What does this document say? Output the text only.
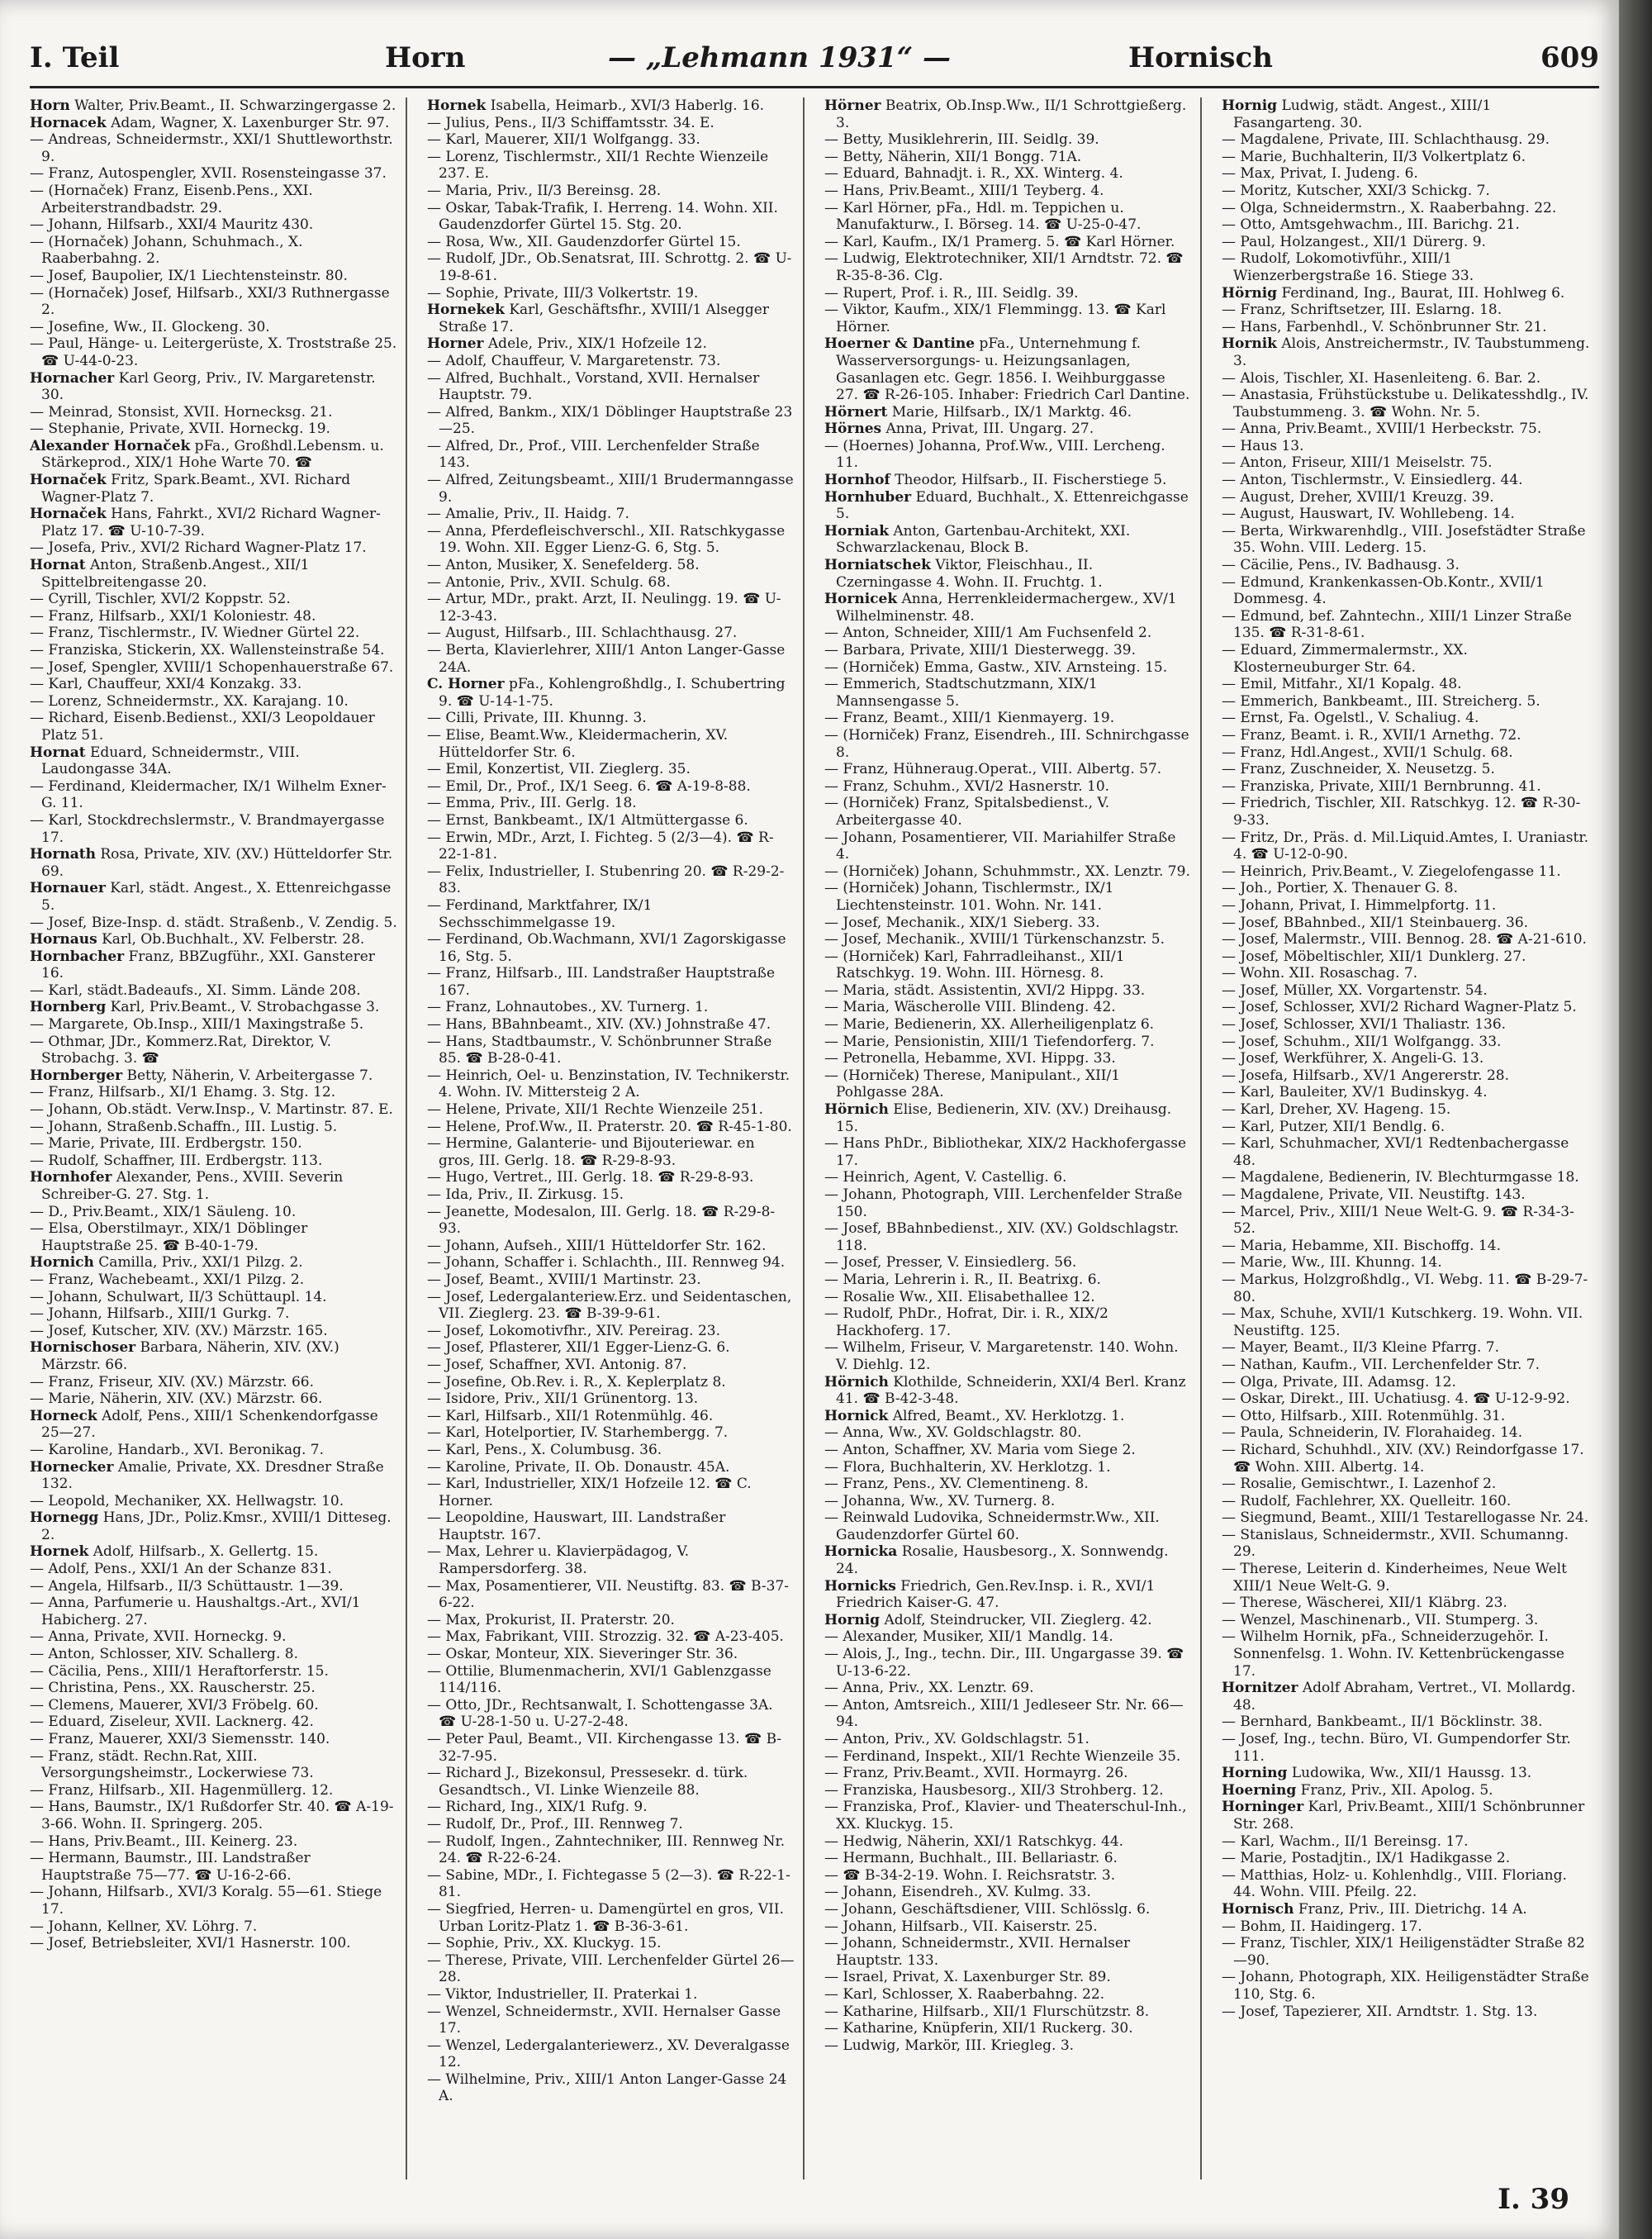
I. Teil	Horn	— „Lehmann 1931“ —	Hornisch	609

Horn Walter, Priv.Beamt., II. Schwarzingergasse 2.

Hornacek Adam, Wagner, X. Laxenburger Str. 97.

— Andreas, Schneidermstr., XXI/1 Shuttleworthstr. 9.

— Franz, Autospengler, XVII. Rosensteingasse 37.

— (Hornaček) Franz, Eisenb.Pens., XXI. Arbeiterstrandbadstr. 29.

— Johann, Hilfsarb., XXI/4 Mauritz 430.

— (Hornaček) Johann, Schuhmach., X. Raaberbahng. 2.

— Josef, Baupolier, IX/1 Liechtensteinstr. 80.

— (Hornaček) Josef, Hilfsarb., XXI/3 Ruthnergasse 2.

— Josefine, Ww., II. Glockeng. 30.

— Paul, Hänge- u. Leitergerüste, X. Troststraße 25. ☎ U-44-0-23.

Hornacher Karl Georg, Priv., IV. Margaretenstr. 30.

— Meinrad, Stonsist, XVII. Hornecksg. 21.

— Stephanie, Private, XVII. Horneckg. 19.

Alexander Hornaček pFa., Großhdl.Lebensm. u. Stärkeprod., XIX/1 Hohe Warte 70. ☎

Hornaček Fritz, Spark.Beamt., XVI. Richard Wagner-Platz 7.

Hornaček Hans, Fahrkt., XVI/2 Richard Wagner-Platz 17. ☎ U-10-7-39.

— Josefa, Priv., XVI/2 Richard Wagner-Platz 17.

Hornat Anton, Straßenb.Angest., XII/1 Spittelbreitengasse 20.

— Cyrill, Tischler, XVI/2 Koppstr. 52.

— Franz, Hilfsarb., XXI/1 Koloniestr. 48.

— Franz, Tischlermstr., IV. Wiedner Gürtel 22.

— Franziska, Stickerin, XX. Wallensteinstraße 54.

— Josef, Spengler, XVIII/1 Schopenhauerstraße 67.

— Karl, Chauffeur, XXI/4 Konzakg. 33.

— Lorenz, Schneidermstr., XX. Karajang. 10.

— Richard, Eisenb.Bedienst., XXI/3 Leopoldauer Platz 51.

Hornat Eduard, Schneidermstr., VIII. Laudongasse 34A.

— Ferdinand, Kleidermacher, IX/1 Wilhelm Exner-G. 11.

— Karl, Stockdrechslermstr., V. Brandmayergasse 17.

Hornath Rosa, Private, XIV. (XV.) Hütteldorfer Str. 69.

Hornauer Karl, städt. Angest., X. Ettenreichgasse 5.

— Josef, Bize-Insp. d. städt. Straßenb., V. Zendig. 5.

Hornaus Karl, Ob.Buchhalt., XV. Felberstr. 28.

Hornbacher Franz, BBZugführ., XXI. Gansterer 16.

— Karl, städt.Badeaufs., XI. Simm. Lände 208.

Hornberg Karl, Priv.Beamt., V. Strobachgasse 3.

— Margarete, Ob.Insp., XIII/1 Maxingstraße 5.

— Othmar, JDr., Kommerz.Rat, Direktor, V. Strobachg. 3. ☎

Hornberger Betty, Näherin, V. Arbeitergasse 7.

— Franz, Hilfsarb., XI/1 Ehamg. 3. Stg. 12.

— Johann, Ob.städt. Verw.Insp., V. Martinstr. 87. E.

— Johann, Straßenb.Schaffn., III. Lustig. 5.

— Marie, Private, III. Erdbergstr. 150.

— Rudolf, Schaffner, III. Erdbergstr. 113.

Hornhofer Alexander, Pens., XVIII. Severin Schreiber-G. 27. Stg. 1.

— D., Priv.Beamt., XIX/1 Säuleng. 10.

— Elsa, Oberstilmayr., XIX/1 Döblinger Hauptstraße 25. ☎ B-40-1-79.

Hornich Camilla, Priv., XXI/1 Pilzg. 2.

— Franz, Wachebeamt., XXI/1 Pilzg. 2.

— Johann, Schulwart, II/3 Schüttaupl. 14.

— Johann, Hilfsarb., XIII/1 Gurkg. 7.

— Josef, Kutscher, XIV. (XV.) Märzstr. 165.

Hornischoser Barbara, Näherin, XIV. (XV.) Märzstr. 66.

— Franz, Friseur, XIV. (XV.) Märzstr. 66.

— Marie, Näherin, XIV. (XV.) Märzstr. 66.

Horneck Adolf, Pens., XIII/1 Schenkendorfgasse 25—27.

— Karoline, Handarb., XVI. Beronikag. 7.

Hornecker Amalie, Private, XX. Dresdner Straße 132.

— Leopold, Mechaniker, XX. Hellwagstr. 10.

Hornegg Hans, JDr., Poliz.Kmsr., XVIII/1 Ditteseg. 2.

Hornek Adolf, Hilfsarb., X. Gellertg. 15.

— Adolf, Pens., XXI/1 An der Schanze 831.

— Angela, Hilfsarb., II/3 Schüttaustr. 1—39.

— Anna, Parfumerie u. Haushaltgs.-Art., XVI/1 Habicherg. 27.

— Anna, Private, XVII. Horneckg. 9.

— Anton, Schlosser, XIV. Schallerg. 8.

— Cäcilia, Pens., XIII/1 Heraftorferstr. 15.

— Christina, Pens., XX. Rauscherstr. 25.

— Clemens, Mauerer, XVI/3 Fröbelg. 60.

— Eduard, Ziseleur, XVII. Lacknerg. 42.

— Franz, Mauerer, XXI/3 Siemensstr. 140.

— Franz, städt. Rechn.Rat, XIII. Versorgungsheimstr., Lockerwiese 73.

— Franz, Hilfsarb., XII. Hagenmüllerg. 12.

— Hans, Baumstr., IX/1 Rußdorfer Str. 40. ☎ A-19-3-66. Wohn. II. Springerg. 205.

— Hans, Priv.Beamt., III. Keinerg. 23.

— Hermann, Baumstr., III. Landstraßer Hauptstraße 75—77. ☎ U-16-2-66.

— Johann, Hilfsarb., XVI/3 Koralg. 55—61. Stiege 17.

— Johann, Kellner, XV. Löhrg. 7.

— Josef, Betriebsleiter, XVI/1 Hasnerstr. 100.

Hornek Isabella, Heimarb., XVI/3 Haberlg. 16.

— Julius, Pens., II/3 Schiffamtsstr. 34. E.

— Karl, Mauerer, XII/1 Wolfgangg. 33.

— Lorenz, Tischlermstr., XII/1 Rechte Wienzeile 237. E.

— Maria, Priv., II/3 Bereinsg. 28.

— Oskar, Tabak-Trafik, I. Herreng. 14. Wohn. XII. Gaudenzdorfer Gürtel 15. Stg. 20.

— Rosa, Ww., XII. Gaudenzdorfer Gürtel 15.

— Rudolf, JDr., Ob.Senatsrat, III. Schrottg. 2. ☎ U-19-8-61.

— Sophie, Private, III/3 Volkertstr. 19.

Hornekek Karl, Geschäftsfhr., XVIII/1 Alsegger Straße 17.

Horner Adele, Priv., XIX/1 Hofzeile 12.

— Adolf, Chauffeur, V. Margaretenstr. 73.

— Alfred, Buchhalt., Vorstand, XVII. Hernalser Hauptstr. 79.

— Alfred, Bankm., XIX/1 Döblinger Hauptstraße 23—25.

— Alfred, Dr., Prof., VIII. Lerchenfelder Straße 143.

— Alfred, Zeitungsbeamt., XIII/1 Brudermanngasse 9.

— Amalie, Priv., II. Haidg. 7.

— Anna, Pferdefleischverschl., XII. Ratschkygasse 19. Wohn. XII. Egger Lienz-G. 6, Stg. 5.

— Anton, Musiker, X. Senefelderg. 58.

— Antonie, Priv., XVII. Schulg. 68.

— Artur, MDr., prakt. Arzt, II. Neulingg. 19. ☎ U-12-3-43.

— August, Hilfsarb., III. Schlachthausg. 27.

— Berta, Klavierlehrer, XIII/1 Anton Langer-Gasse 24A.

C. Horner pFa., Kohlengroßhdlg., I. Schubertring 9. ☎ U-14-1-75.

— Cilli, Private, III. Khunng. 3.

— Elise, Beamt.Ww., Kleidermacherin, XV. Hütteldorfer Str. 6.

— Emil, Konzertist, VII. Zieglerg. 35.

— Emil, Dr., Prof., IX/1 Seeg. 6. ☎ A-19-8-88.

— Emma, Priv., III. Gerlg. 18.

— Ernst, Bankbeamt., IX/1 Altmüttergasse 6.

— Erwin, MDr., Arzt, I. Fichteg. 5 (2/3—4). ☎ R-22-1-81.

— Felix, Industrieller, I. Stubenring 20. ☎ R-29-2-83.

— Ferdinand, Marktfahrer, IX/1 Sechsschimmelgasse 19.

— Ferdinand, Ob.Wachmann, XVI/1 Zagorskigasse 16, Stg. 5.

— Franz, Hilfsarb., III. Landstraßer Hauptstraße 167.

— Franz, Lohnautobes., XV. Turnerg. 1.

— Hans, BBahnbeamt., XIV. (XV.) Johnstraße 47.

— Hans, Stadtbaumstr., V. Schönbrunner Straße 85. ☎ B-28-0-41.

— Heinrich, Oel- u. Benzinstation, IV. Technikerstr. 4. Wohn. IV. Mittersteig 2 A.

— Helene, Private, XII/1 Rechte Wienzeile 251.

— Helene, Prof.Ww., II. Praterstr. 20. ☎ R-45-1-80.

— Hermine, Galanterie- und Bijouteriewar. en gros, III. Gerlg. 18. ☎ R-29-8-93.

— Hugo, Vertret., III. Gerlg. 18. ☎ R-29-8-93.

— Ida, Priv., II. Zirkusg. 15.

— Jeanette, Modesalon, III. Gerlg. 18. ☎ R-29-8-93.

— Johann, Aufseh., XIII/1 Hütteldorfer Str. 162.

— Johann, Schaffer i. Schlachth., III. Rennweg 94.

— Josef, Beamt., XVIII/1 Martinstr. 23.

— Josef, Ledergalanteriew.Erz. und Seidentaschen, VII. Zieglerg. 23. ☎ B-39-9-61.

— Josef, Lokomotivfhr., XIV. Pereirag. 23.

— Josef, Pflasterer, XII/1 Egger-Lienz-G. 6.

— Josef, Schaffner, XVI. Antonig. 87.

— Josefine, Ob.Rev. i. R., X. Keplerplatz 8.

— Isidore, Priv., XII/1 Grünentorg. 13.

— Karl, Hilfsarb., XII/1 Rotenmühlg. 46.

— Karl, Hotelportier, IV. Starhembergg. 7.

— Karl, Pens., X. Columbusg. 36.

— Karoline, Private, II. Ob. Donaustr. 45A.

— Karl, Industrieller, XIX/1 Hofzeile 12. ☎ C. Horner.

— Leopoldine, Hauswart, III. Landstraßer Hauptstr. 167.

— Max, Lehrer u. Klavierpädagog, V. Rampersdorferg. 38.

— Max, Posamentierer, VII. Neustiftg. 83. ☎ B-37-6-22.

— Max, Prokurist, II. Praterstr. 20.

— Max, Fabrikant, VIII. Strozzig. 32. ☎ A-23-405.

— Oskar, Monteur, XIX. Sieveringer Str. 36.

— Ottilie, Blumenmacherin, XVI/1 Gablenzgasse 114/116.

— Otto, JDr., Rechtsanwalt, I. Schottengasse 3A. ☎ U-28-1-50 u. U-27-2-48.

— Peter Paul, Beamt., VII. Kirchengasse 13. ☎ B-32-7-95.

— Richard J., Bizekonsul, Pressesekr. d. türk. Gesandtsch., VI. Linke Wienzeile 88.

— Richard, Ing., XIX/1 Rufg. 9.

— Rudolf, Dr., Prof., III. Rennweg 7.

— Rudolf, Ingen., Zahntechniker, III. Rennweg Nr. 24. ☎ R-22-6-24.

— Sabine, MDr., I. Fichtegasse 5 (2—3). ☎ R-22-1-81.

— Siegfried, Herren- u. Damengürtel en gros, VII. Urban Loritz-Platz 1. ☎ B-36-3-61.

— Sophie, Priv., XX. Kluckyg. 15.

— Therese, Private, VIII. Lerchenfelder Gürtel 26—28.

— Viktor, Industrieller, II. Praterkai 1.

— Wenzel, Schneidermstr., XVII. Hernalser Gasse 17.

— Wenzel, Ledergalanteriewerz., XV. Deveralgasse 12.

— Wilhelmine, Priv., XIII/1 Anton Langer-Gasse 24 A.

Hörner Beatrix, Ob.Insp.Ww., II/1 Schrottgießerg. 3.

— Betty, Musiklehrerin, III. Seidlg. 39.

— Betty, Näherin, XII/1 Bongg. 71A.

— Eduard, Bahnadjt. i. R., XX. Winterg. 4.

— Hans, Priv.Beamt., XIII/1 Teyberg. 4.

— Karl Hörner, pFa., Hdl. m. Teppichen u. Manufakturw., I. Börseg. 14. ☎ U-25-0-47.

— Karl, Kaufm., IX/1 Pramerg. 5. ☎ Karl Hörner.

— Ludwig, Elektrotechniker, XII/1 Arndtstr. 72. ☎ R-35-8-36. Clg.

— Rupert, Prof. i. R., III. Seidlg. 39.

— Viktor, Kaufm., XIX/1 Flemmingg. 13. ☎ Karl Hörner.

Hoerner & Dantine pFa., Unternehmung f. Wasserversorgungs- u. Heizungsanlagen, Gasanlagen etc. Gegr. 1856. I. Weihburggasse 27. ☎ R-26-105. Inhaber: Friedrich Carl Dantine.

Hörnert Marie, Hilfsarb., IX/1 Marktg. 46.

Hörnes Anna, Privat, III. Ungarg. 27.

— (Hoernes) Johanna, Prof.Ww., VIII. Lercheng. 11.

Hornhof Theodor, Hilfsarb., II. Fischerstiege 5.

Hornhuber Eduard, Buchhalt., X. Ettenreichgasse 5.

Horniak Anton, Gartenbau-Architekt, XXI. Schwarzlackenau, Block B.

Horniatschek Viktor, Fleischhau., II. Czerningasse 4. Wohn. II. Fruchtg. 1.

Hornicek Anna, Herrenkleidermachergew., XV/1 Wilhelminenstr. 48.

— Anton, Schneider, XIII/1 Am Fuchsenfeld 2.

— Barbara, Private, XIII/1 Diesterwegg. 39.

— (Horniček) Emma, Gastw., XIV. Arnsteing. 15.

— Emmerich, Stadtschutzmann, XIX/1 Mannsengasse 5.

— Franz, Beamt., XIII/1 Kienmayerg. 19.

— (Horniček) Franz, Eisendreh., III. Schnirchgasse 8.

— Franz, Hühneraug.Operat., VIII. Albertg. 57.

— Franz, Schuhm., XVI/2 Hasnerstr. 10.

— (Horniček) Franz, Spitalsbedienst., V. Arbeitergasse 40.

— Johann, Posamentierer, VII. Mariahilfer Straße 4.

— (Horniček) Johann, Schuhmmstr., XX. Lenztr. 79.

— (Horniček) Johann, Tischlermstr., IX/1 Liechtensteinstr. 101. Wohn. Nr. 141.

— Josef, Mechanik., XIX/1 Sieberg. 33.

— Josef, Mechanik., XVIII/1 Türkenschanzstr. 5.

— (Horniček) Karl, Fahrradleihanst., XII/1 Ratschkyg. 19. Wohn. III. Hörnesg. 8.

— Maria, städt. Assistentin, XVI/2 Hippg. 33.

— Maria, Wäscherolle VIII. Blindeng. 42.

— Marie, Bedienerin, XX. Allerheiligenplatz 6.

— Marie, Pensionistin, XIII/1 Tiefendorferg. 7.

— Petronella, Hebamme, XVI. Hippg. 33.

— (Horniček) Therese, Manipulant., XII/1 Pohlgasse 28A.

Hörnich Elise, Bedienerin, XIV. (XV.) Dreihausg. 15.

— Hans PhDr., Bibliothekar, XIX/2 Hackhofergasse 17.

— Heinrich, Agent, V. Castellig. 6.

— Johann, Photograph, VIII. Lerchenfelder Straße 150.

— Josef, BBahnbedienst., XIV. (XV.) Goldschlagstr. 118.

— Josef, Presser, V. Einsiedlerg. 56.

— Maria, Lehrerin i. R., II. Beatrixg. 6.

— Rosalie Ww., XII. Elisabethallee 12.

— Rudolf, PhDr., Hofrat, Dir. i. R., XIX/2 Hackhoferg. 17.

— Wilhelm, Friseur, V. Margaretenstr. 140. Wohn. V. Diehlg. 12.

Hörnich Klothilde, Schneiderin, XXI/4 Berl. Kranz 41. ☎ B-42-3-48.

Hornick Alfred, Beamt., XV. Herklotzg. 1.

— Anna, Ww., XV. Goldschlagstr. 80.

— Anton, Schaffner, XV. Maria vom Siege 2.

— Flora, Buchhalterin, XV. Herklotzg. 1.

— Franz, Pens., XV. Clementineng. 8.

— Johanna, Ww., XV. Turnerg. 8.

— Reinwald Ludovika, Schneidermstr.Ww., XII. Gaudenzdorfer Gürtel 60.

Hornicka Rosalie, Hausbesorg., X. Sonnwendg. 24.

Hornicks Friedrich, Gen.Rev.Insp. i. R., XVI/1 Friedrich Kaiser-G. 47.

Hornig Adolf, Steindrucker, VII. Zieglerg. 42.

— Alexander, Musiker, XII/1 Mandlg. 14.

— Alois, J., Ing., techn. Dir., III. Ungargasse 39. ☎ U-13-6-22.

— Anna, Priv., XX. Lenztr. 69.

— Anton, Amtsreich., XIII/1 Jedleseer Str. Nr. 66—94.

— Anton, Priv., XV. Goldschlagstr. 51.

— Ferdinand, Inspekt., XII/1 Rechte Wienzeile 35.

— Franz, Priv.Beamt., XVII. Hormayrg. 26.

— Franziska, Hausbesorg., XII/3 Strohberg. 12.

— Franziska, Prof., Klavier- und Theaterschul-Inh., XX. Kluckyg. 15.

— Hedwig, Näherin, XXI/1 Ratschkyg. 44.

— Hermann, Buchhalt., III. Bellariastr. 6.

— ☎ B-34-2-19. Wohn. I. Reichsratstr. 3.

— Johann, Eisendreh., XV. Kulmg. 33.

— Johann, Geschäftsdiener, VIII. Schlösslg. 6.

— Johann, Hilfsarb., VII. Kaiserstr. 25.

— Johann, Schneidermstr., XVII. Hernalser Hauptstr. 133.

— Israel, Privat, X. Laxenburger Str. 89.

— Karl, Schlosser, X. Raaberbahng. 22.

— Katharine, Hilfsarb., XII/1 Flurschützstr. 8.

— Katharine, Knüpferin, XII/1 Ruckerg. 30.

— Ludwig, Markör, III. Kriegleg. 3.

Hornig Ludwig, städt. Angest., XIII/1 Fasangarteng. 30.

— Magdalene, Private, III. Schlachthausg. 29.

— Marie, Buchhalterin, II/3 Volkertplatz 6.

— Max, Privat, I. Judeng. 6.

— Moritz, Kutscher, XXI/3 Schickg. 7.

— Olga, Schneidermstrn., X. Raaberbahng. 22.

— Otto, Amtsgehwachm., III. Barichg. 21.

— Paul, Holzangest., XII/1 Dürerg. 9.

— Rudolf, Lokomotivführ., XIII/1 Wienzerbergstraße 16. Stiege 33.

Hörnig Ferdinand, Ing., Baurat, III. Hohlweg 6.

— Franz, Schriftsetzer, III. Eslarng. 18.

— Hans, Farbenhdl., V. Schönbrunner Str. 21.

Hornik Alois, Anstreichermstr., IV. Taubstummeng. 3.

— Alois, Tischler, XI. Hasenleiteng. 6. Bar. 2.

— Anastasia, Frühstückstube u. Delikatesshdlg., IV. Taubstummeng. 3. ☎ Wohn. Nr. 5.

— Anna, Priv.Beamt., XVIII/1 Herbeckstr. 75.

— Haus 13.

— Anton, Friseur, XIII/1 Meiselstr. 75.

— Anton, Tischlermstr., V. Einsiedlerg. 44.

— August, Dreher, XVIII/1 Kreuzg. 39.

— August, Hauswart, IV. Wohllebeng. 14.

— Berta, Wirkwarenhdlg., VIII. Josefstädter Straße 35. Wohn. VIII. Lederg. 15.

— Cäcilie, Pens., IV. Badhausg. 3.

— Edmund, Krankenkassen-Ob.Kontr., XVII/1 Dommesg. 4.

— Edmund, bef. Zahntechn., XIII/1 Linzer Straße 135. ☎ R-31-8-61.

— Eduard, Zimmermalermstr., XX. Klosterneuburger Str. 64.

— Emil, Mitfahr., XI/1 Kopalg. 48.

— Emmerich, Bankbeamt., III. Streicherg. 5.

— Ernst, Fa. Ogelstl., V. Schaliug. 4.

— Franz, Beamt. i. R., XVII/1 Arnethg. 72.

— Franz, Hdl.Angest., XVII/1 Schulg. 68.

— Franz, Zuschneider, X. Neusetzg. 5.

— Franziska, Private, XIII/1 Bernbrunng. 41.

— Friedrich, Tischler, XII. Ratschkyg. 12. ☎ R-30-9-33.

— Fritz, Dr., Präs. d. Mil.Liquid.Amtes, I. Uraniastr. 4. ☎ U-12-0-90.

— Heinrich, Priv.Beamt., V. Ziegelofengasse 11.

— Joh., Portier, X. Thenauer G. 8.

— Johann, Privat, I. Himmelpfortg. 11.

— Josef, BBahnbed., XII/1 Steinbauerg. 36.

— Josef, Malermstr., VIII. Bennog. 28. ☎ A-21-610.

— Josef, Möbeltischler, XII/1 Dunklerg. 27.

— Wohn. XII. Rosaschag. 7.

— Josef, Müller, XX. Vorgartenstr. 54.

— Josef, Schlosser, XVI/2 Richard Wagner-Platz 5.

— Josef, Schlosser, XVI/1 Thaliastr. 136.

— Josef, Schuhm., XII/1 Wolfgangg. 33.

— Josef, Werkführer, X. Angeli-G. 13.

— Josefa, Hilfsarb., XV/1 Angererstr. 28.

— Karl, Bauleiter, XV/1 Budinskyg. 4.

— Karl, Dreher, XV. Hageng. 15.

— Karl, Putzer, XII/1 Bendlg. 6.

— Karl, Schuhmacher, XVI/1 Redtenbachergasse 48.

— Magdalene, Bedienerin, IV. Blechturmgasse 18.

— Magdalene, Private, VII. Neustiftg. 143.

— Marcel, Priv., XIII/1 Neue Welt-G. 9. ☎ R-34-3-52.

— Maria, Hebamme, XII. Bischoffg. 14.

— Marie, Ww., III. Khunng. 14.

— Markus, Holzgroßhdlg., VI. Webg. 11. ☎ B-29-7-80.

— Max, Schuhe, XVII/1 Kutschkerg. 19. Wohn. VII. Neustiftg. 125.

— Mayer, Beamt., II/3 Kleine Pfarrg. 7.

— Nathan, Kaufm., VII. Lerchenfelder Str. 7.

— Olga, Private, III. Adamsg. 12.

— Oskar, Direkt., III. Uchatiusg. 4. ☎ U-12-9-92.

— Otto, Hilfsarb., XIII. Rotenmühlg. 31.

— Paula, Schneiderin, IV. Florahaideg. 14.

— Richard, Schuhhdl., XIV. (XV.) Reindorfgasse 17. ☎ Wohn. XIII. Albertg. 14.

— Rosalie, Gemischtwr., I. Lazenhof 2.

— Rudolf, Fachlehrer, XX. Quelleitr. 160.

— Siegmund, Beamt., XIII/1 Testarellogasse Nr. 24.

— Stanislaus, Schneidermstr., XVII. Schumanng. 29.

— Therese, Leiterin d. Kinderheimes, Neue Welt XIII/1 Neue Welt-G. 9.

— Therese, Wäscherei, XII/1 Kläbrg. 23.

— Wenzel, Maschinenarb., VII. Stumperg. 3.

— Wilhelm Hornik, pFa., Schneiderzugehör. I. Sonnenfelsg. 1. Wohn. IV. Kettenbrückengasse 17.

Hornitzer Adolf Abraham, Vertret., VI. Mollardg. 48.

— Bernhard, Bankbeamt., II/1 Böcklinstr. 38.

— Josef, Ing., techn. Büro, VI. Gumpendorfer Str. 111.

Horning Ludowika, Ww., XII/1 Haussg. 13.

Hoerning Franz, Priv., XII. Apolog. 5.

Horninger Karl, Priv.Beamt., XIII/1 Schönbrunner Str. 268.

— Karl, Wachm., II/1 Bereinsg. 17.

— Marie, Postadjtin., IX/1 Hadikgasse 2.

— Matthias, Holz- u. Kohlenhdlg., VIII. Floriang. 44. Wohn. VIII. Pfeilg. 22.

Hornisch Franz, Priv., III. Dietrichg. 14 A.

— Bohm, II. Haidingerg. 17.

— Franz, Tischler, XIX/1 Heiligenstädter Straße 82—90.

— Johann, Photograph, XIX. Heiligenstädter Straße 110, Stg. 6.

— Josef, Tapezierer, XII. Arndtstr. 1. Stg. 13.

I. 39
